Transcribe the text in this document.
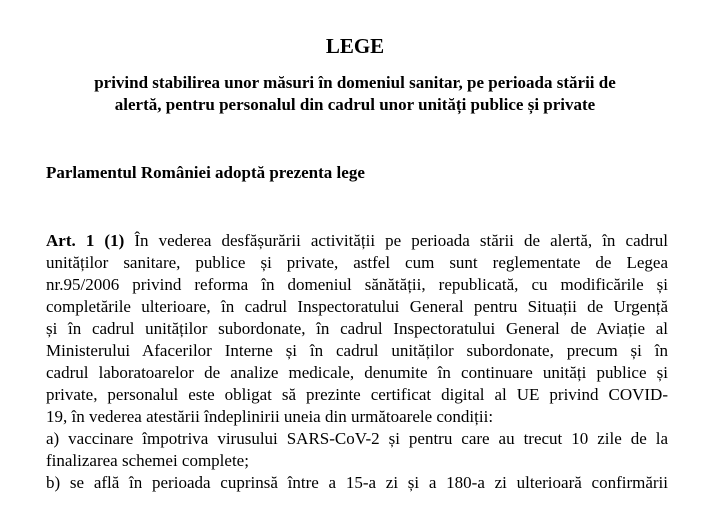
LEGE
privind stabilirea unor măsuri în domeniul sanitar, pe perioada stării de
alertă, pentru personalul din cadrul unor unități publice și private

Parlamentul României adoptă prezenta lege

Art. 1 (1) În vederea desfășurării activității pe perioada stării de alertă, în cadrul
unităților sanitare, publice și private, astfel cum sunt reglementate de Legea
nr.95/2006 privind reforma în domeniul sănătății, republicată, cu modificările și
completările ulterioare, în cadrul Inspectoratului General pentru Situații de Urgență
și în cadrul unităților subordonate, în cadrul Inspectoratului General de Aviație al
Ministerului Afacerilor Interne și în cadrul unităților subordonate, precum și în
cadrul laboratoarelor de analize medicale, denumite în continuare unități publice și
private, personalul este obligat să prezinte certificat digital al UE privind COVID-
19, în vederea atestării îndeplinirii uneia din următoarele condiții:
a) vaccinare împotriva virusului SARS-CoV-2 și pentru care au trecut 10 zile de la
finalizarea schemei complete;
b) se află în perioada cuprinsă între a 15-a zi și a 180-a zi ulterioară confirmării
